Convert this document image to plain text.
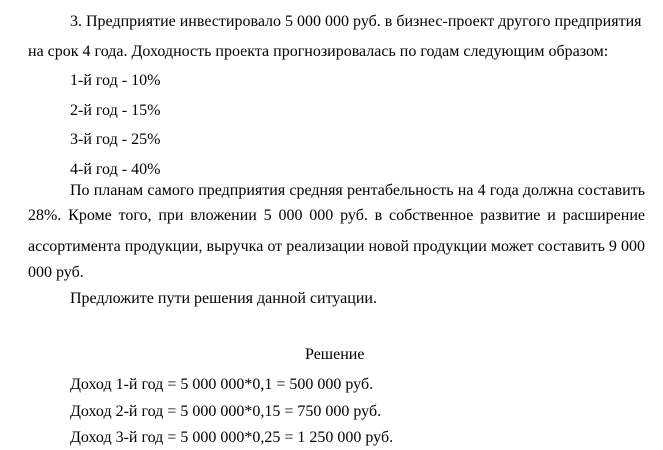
3. Предприятие инвестировало 5 000 000 руб. в бизнес-проект другого предприятия
на срок 4 года. Доходность проекта прогнозировалась по годам следующим образом:
1-й год - 10%
2-й год - 15%
3-й год - 25%
4-й год - 40%
По планам самого предприятия средняя рентабельность на 4 года должна составить
28%. Кроме того, при вложении 5 000 000 руб. в собственное развитие и расширение
ассортимента продукции, выручка от реализации новой продукции может составить 9 000
000 руб.
Предложите пути решения данной ситуации.
Решение
Доход 1-й год = 5 000 000*0,1 = 500 000 руб.
Доход 2-й год = 5 000 000*0,15 = 750 000 руб.
Доход 3-й год = 5 000 000*0,25 = 1 250 000 руб.
